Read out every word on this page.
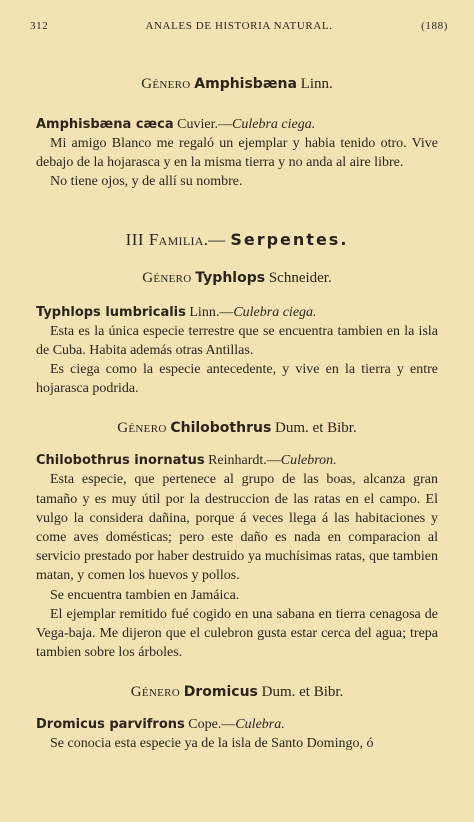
312	ANALES DE HISTORIA NATURAL.	(188)

Género Amphisbæna Linn.

Amphisbæna cæca Cuvier.—Culebra ciega.

Mi amigo Blanco me regaló un ejemplar y habia tenido otro. Vive debajo de la hojarasca y en la misma tierra y no anda al aire libre.

No tiene ojos, y de allí su nombre.

III Familia.— Serpentes.

Género Typhlops Schneider.

Typhlops lumbricalis Linn.—Culebra ciega.

Esta es la única especie terrestre que se encuentra tambien en la isla de Cuba. Habita además otras Antillas.

Es ciega como la especie antecedente, y vive en la tierra y entre hojarasca podrida.

Género Chilobothrus Dum. et Bibr.

Chilobothrus inornatus Reinhardt.—Culebron.

Esta especie, que pertenece al grupo de las boas, alcanza gran tamaño y es muy útil por la destruccion de las ratas en el campo. El vulgo la considera dañina, porque á veces llega á las habitaciones y come aves domésticas; pero este daño es nada en comparacion al servicio prestado por haber destruido ya muchísimas ratas, que tambien matan, y comen los huevos y pollos.

Se encuentra tambien en Jamáica.

El ejemplar remitido fué cogido en una sabana en tierra cenagosa de Vega-baja. Me dijeron que el culebron gusta estar cerca del agua; trepa tambien sobre los árboles.

Género Dromicus Dum. et Bibr.

Dromicus parvifrons Cope.—Culebra.

Se conocia esta especie ya de la isla de Santo Domingo, ó
